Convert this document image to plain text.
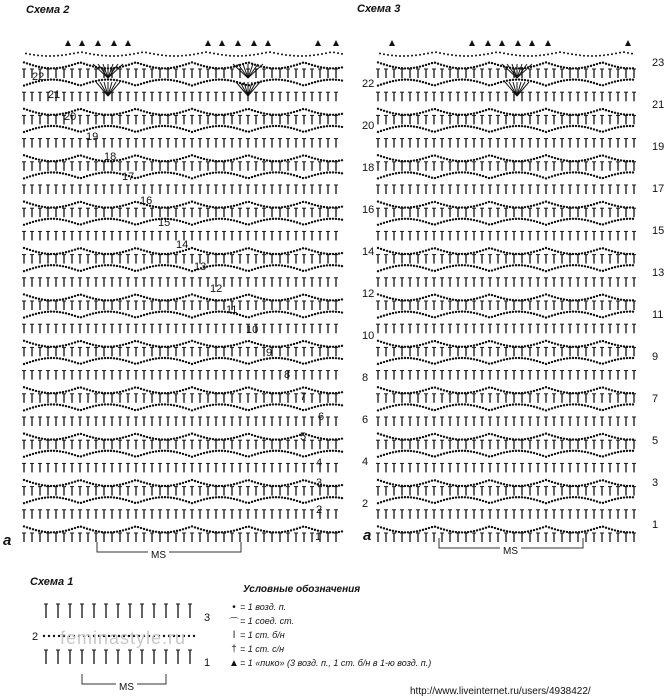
Схема 2	Схема 3
1
2
3
4
5
6
7
8
9
10
11
12
13
14
15
16
17
18
19
20
21
22
1
2
3
4
5
6
7
8
9
10
11
12
13
14
15
16
17
18
19
20
21
22
23
а	а
MS	MS
Схема 1
3
2
1
MS
feminastyle.ru
Условные обозначения
• = 1 возд. п.
⌒ = 1 соед. ст.
ǀ = 1 ст. б/н
† = 1 ст. с/н
▲ = 1 «пико» (3 возд. п., 1 ст. б/н в 1-ю возд. п.)
http://www.liveinternet.ru/users/4938422/
